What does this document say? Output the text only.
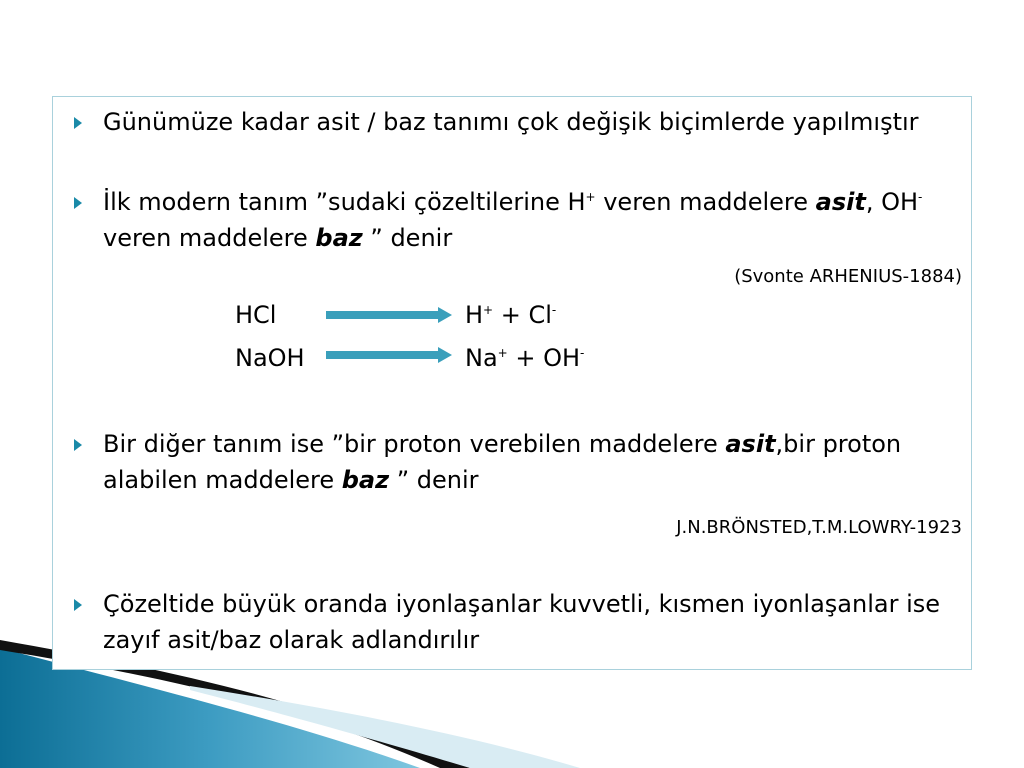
Günümüze kadar asit / baz tanımı çok değişik biçimlerde yapılmıştır
İlk modern tanım ”sudaki çözeltilerine H+ veren maddelere asit, OH- veren maddelere baz ” denir
(Svonte ARHENIUS-1884)
HCl	H+ + Cl-
NaOH	Na+ + OH-
Bir diğer tanım ise ”bir proton verebilen maddelere asit,bir proton alabilen maddelere baz ” denir
J.N.BRÖNSTED,T.M.LOWRY-1923
Çözeltide büyük oranda iyonlaşanlar kuvvetli, kısmen iyonlaşanlar ise zayıf asit/baz olarak adlandırılır
